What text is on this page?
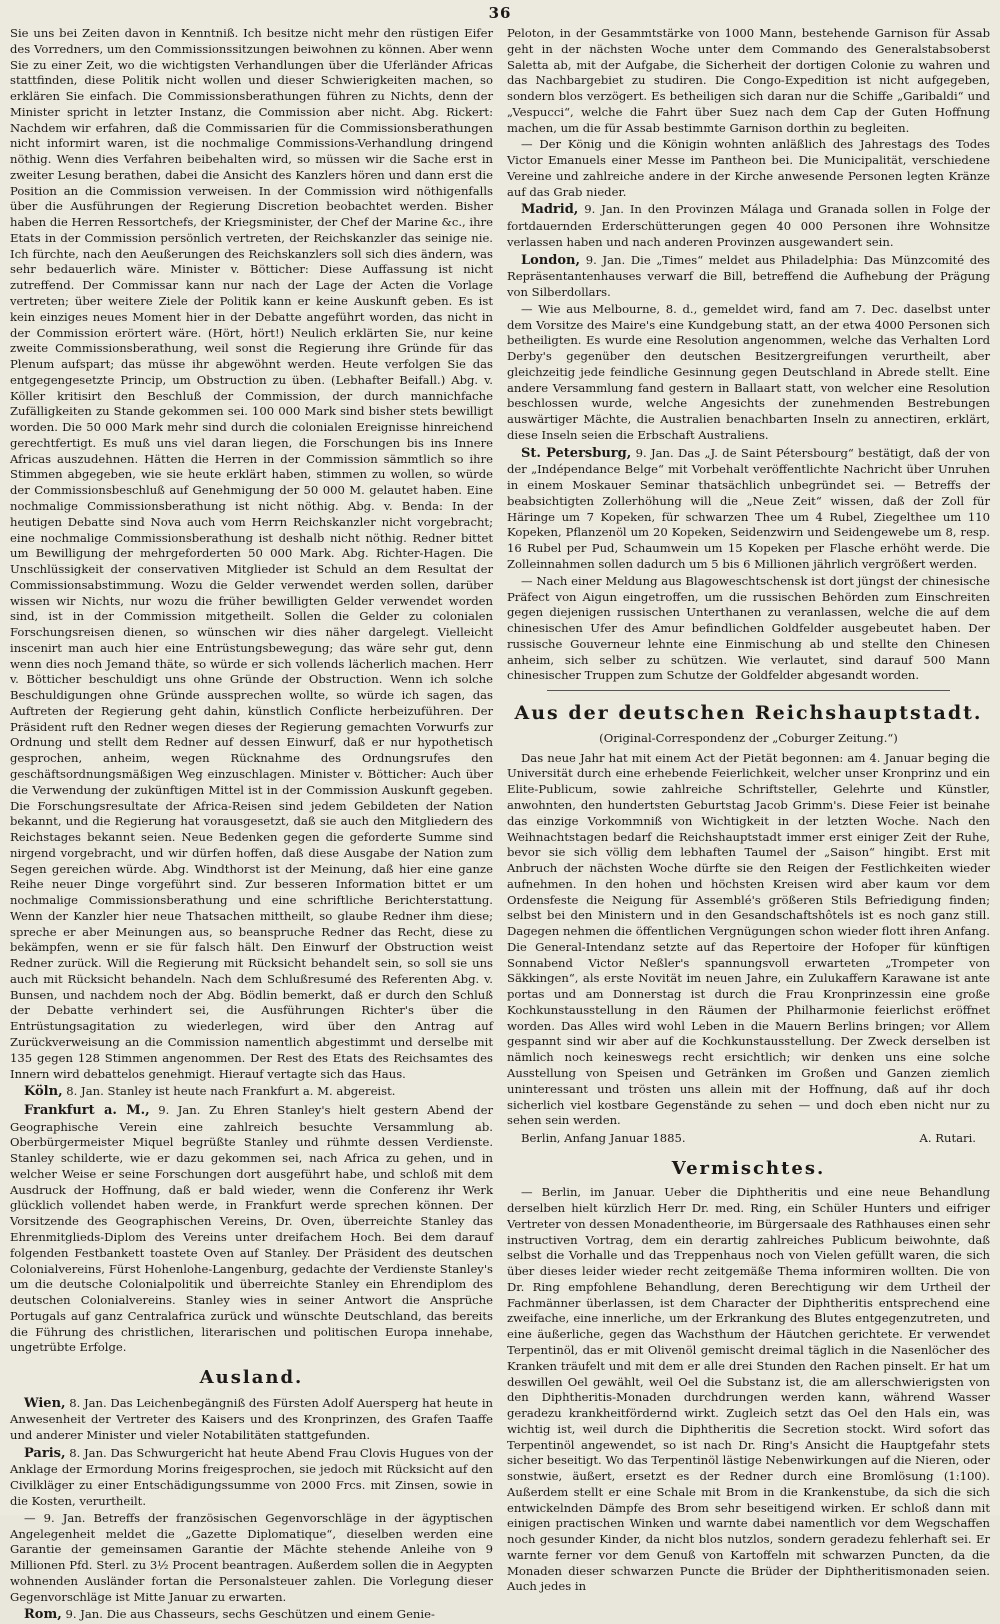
36

Sie uns bei Zeiten davon in Kenntniß. Ich besitze nicht mehr den rüstigen Eifer des Vorredners, um den Commissionssitzungen beiwohnen zu können. Aber wenn Sie zu einer Zeit, wo die wichtigsten Verhandlungen über die Uferländer Africas stattfinden, diese Politik nicht wollen und dieser Schwierigkeiten machen, so erklären Sie einfach. Die Commissionsberathungen führen zu Nichts, denn der Minister spricht in letzter Instanz, die Commission aber nicht. Abg. Rickert: Nachdem wir erfahren, daß die Commissarien für die Commissionsberathungen nicht informirt waren, ist die nochmalige Commissions-Verhandlung dringend nöthig. Wenn dies Verfahren beibehalten wird, so müssen wir die Sache erst in zweiter Lesung berathen, dabei die Ansicht des Kanzlers hören und dann erst die Position an die Commission verweisen. In der Commission wird nöthigenfalls über die Ausführungen der Regierung Discretion beobachtet werden. Bisher haben die Herren Ressortchefs, der Kriegsminister, der Chef der Marine &c., ihre Etats in der Commission persönlich vertreten, der Reichskanzler das seinige nie. Ich fürchte, nach den Aeußerungen des Reichskanzlers soll sich dies ändern, was sehr bedauerlich wäre. Minister v. Bötticher: Diese Auffassung ist nicht zutreffend. Der Commissar kann nur nach der Lage der Acten die Vorlage vertreten; über weitere Ziele der Politik kann er keine Auskunft geben. Es ist kein einziges neues Moment hier in der Debatte angeführt worden, das nicht in der Commission erörtert wäre. (Hört, hört!) Neulich erklärten Sie, nur keine zweite Commissionsberathung, weil sonst die Regierung ihre Gründe für das Plenum aufspart; das müsse ihr abgewöhnt werden. Heute verfolgen Sie das entgegengesetzte Princip, um Obstruction zu üben. (Lebhafter Beifall.) Abg. v. Köller kritisirt den Beschluß der Commission, der durch mannichfache Zufälligkeiten zu Stande gekommen sei. 100 000 Mark sind bisher stets bewilligt worden. Die 50 000 Mark mehr sind durch die colonialen Ereignisse hinreichend gerechtfertigt. Es muß uns viel daran liegen, die Forschungen bis ins Innere Africas auszudehnen. Hätten die Herren in der Commission sämmtlich so ihre Stimmen abgegeben, wie sie heute erklärt haben, stimmen zu wollen, so würde der Commissionsbeschluß auf Genehmigung der 50 000 M. gelautet haben. Eine nochmalige Commissionsberathung ist nicht nöthig. Abg. v. Benda: In der heutigen Debatte sind Nova auch vom Herrn Reichskanzler nicht vorgebracht; eine nochmalige Commissionsberathung ist deshalb nicht nöthig. Redner bittet um Bewilligung der mehrgeforderten 50 000 Mark. Abg. Richter-Hagen. Die Unschlüssigkeit der conservativen Mitglieder ist Schuld an dem Resultat der Commissionsabstimmung. Wozu die Gelder verwendet werden sollen, darüber wissen wir Nichts, nur wozu die früher bewilligten Gelder verwendet worden sind, ist in der Commission mitgetheilt. Sollen die Gelder zu colonialen Forschungsreisen dienen, so wünschen wir dies näher dargelegt. Vielleicht inscenirt man auch hier eine Entrüstungsbewegung; das wäre sehr gut, denn wenn dies noch Jemand thäte, so würde er sich vollends lächerlich machen. Herr v. Bötticher beschuldigt uns ohne Gründe der Obstruction. Wenn ich solche Beschuldigungen ohne Gründe aussprechen wollte, so würde ich sagen, das Auftreten der Regierung geht dahin, künstlich Conflicte herbeizuführen. Der Präsident ruft den Redner wegen dieses der Regierung gemachten Vorwurfs zur Ordnung und stellt dem Redner auf dessen Einwurf, daß er nur hypothetisch gesprochen, anheim, wegen Rücknahme des Ordnungsrufes den geschäftsordnungsmäßigen Weg einzuschlagen. Minister v. Bötticher: Auch über die Verwendung der zukünftigen Mittel ist in der Commission Auskunft gegeben. Die Forschungsresultate der Africa-Reisen sind jedem Gebildeten der Nation bekannt, und die Regierung hat vorausgesetzt, daß sie auch den Mitgliedern des Reichstages bekannt seien. Neue Bedenken gegen die geforderte Summe sind nirgend vorgebracht, und wir dürfen hoffen, daß diese Ausgabe der Nation zum Segen gereichen würde. Abg. Windthorst ist der Meinung, daß hier eine ganze Reihe neuer Dinge vorgeführt sind. Zur besseren Information bittet er um nochmalige Commissionsberathung und eine schriftliche Berichterstattung. Wenn der Kanzler hier neue Thatsachen mittheilt, so glaube Redner ihm diese; spreche er aber Meinungen aus, so beanspruche Redner das Recht, diese zu bekämpfen, wenn er sie für falsch hält. Den Einwurf der Obstruction weist Redner zurück. Will die Regierung mit Rücksicht behandelt sein, so soll sie uns auch mit Rücksicht behandeln. Nach dem Schlußresumé des Referenten Abg. v. Bunsen, und nachdem noch der Abg. Bödlin bemerkt, daß er durch den Schluß der Debatte verhindert sei, die Ausführungen Richter's über die Entrüstungsagitation zu wiederlegen, wird über den Antrag auf Zurückverweisung an die Commission namentlich abgestimmt und derselbe mit 135 gegen 128 Stimmen angenommen. Der Rest des Etats des Reichsamtes des Innern wird debattelos genehmigt. Hierauf vertagte sich das Haus.

Köln, 8. Jan. Stanley ist heute nach Frankfurt a. M. abgereist.

Frankfurt a. M., 9. Jan. Zu Ehren Stanley's hielt gestern Abend der Geographische Verein eine zahlreich besuchte Versammlung ab. Oberbürgermeister Miquel begrüßte Stanley und rühmte dessen Verdienste. Stanley schilderte, wie er dazu gekommen sei, nach Africa zu gehen, und in welcher Weise er seine Forschungen dort ausgeführt habe, und schloß mit dem Ausdruck der Hoffnung, daß er bald wieder, wenn die Conferenz ihr Werk glücklich vollendet haben werde, in Frankfurt werde sprechen können. Der Vorsitzende des Geographischen Vereins, Dr. Oven, überreichte Stanley das Ehrenmitglieds-Diplom des Vereins unter dreifachem Hoch. Bei dem darauf folgenden Festbankett toastete Oven auf Stanley. Der Präsident des deutschen Colonialvereins, Fürst Hohenlohe-Langenburg, gedachte der Verdienste Stanley's um die deutsche Colonialpolitik und überreichte Stanley ein Ehrendiplom des deutschen Colonialvereins. Stanley wies in seiner Antwort die Ansprüche Portugals auf ganz Centralafrica zurück und wünschte Deutschland, das bereits die Führung des christlichen, literarischen und politischen Europa innehabe, ungetrübte Erfolge.

Ausland.

Wien, 8. Jan. Das Leichenbegängniß des Fürsten Adolf Auersperg hat heute in Anwesenheit der Vertreter des Kaisers und des Kronprinzen, des Grafen Taaffe und anderer Minister und vieler Notabilitäten stattgefunden.

Paris, 8. Jan. Das Schwurgericht hat heute Abend Frau Clovis Hugues von der Anklage der Ermordung Morins freigesprochen, sie jedoch mit Rücksicht auf den Civilkläger zu einer Entschädigungssumme von 2000 Frcs. mit Zinsen, sowie in die Kosten, verurtheilt.

— 9. Jan. Betreffs der französischen Gegenvorschläge in der ägyptischen Angelegenheit meldet die „Gazette Diplomatique“, dieselben werden eine Garantie der gemeinsamen Garantie der Mächte stehende Anleihe von 9 Millionen Pfd. Sterl. zu 3½ Procent beantragen. Außerdem sollen die in Aegypten wohnenden Ausländer fortan die Personalsteuer zahlen. Die Vorlegung dieser Gegenvorschläge ist Mitte Januar zu erwarten.

Rom, 9. Jan. Die aus Chasseurs, sechs Geschützen und einem Genie-

Peloton, in der Gesammtstärke von 1000 Mann, bestehende Garnison für Assab geht in der nächsten Woche unter dem Commando des Generalstabsoberst Saletta ab, mit der Aufgabe, die Sicherheit der dortigen Colonie zu wahren und das Nachbargebiet zu studiren. Die Congo-Expedition ist nicht aufgegeben, sondern blos verzögert. Es betheiligen sich daran nur die Schiffe „Garibaldi“ und „Vespucci“, welche die Fahrt über Suez nach dem Cap der Guten Hoffnung machen, um die für Assab bestimmte Garnison dorthin zu begleiten.

— Der König und die Königin wohnten anläßlich des Jahrestags des Todes Victor Emanuels einer Messe im Pantheon bei. Die Municipalität, verschiedene Vereine und zahlreiche andere in der Kirche anwesende Personen legten Kränze auf das Grab nieder.

Madrid, 9. Jan. In den Provinzen Málaga und Granada sollen in Folge der fortdauernden Erderschütterungen gegen 40 000 Personen ihre Wohnsitze verlassen haben und nach anderen Provinzen ausgewandert sein.

London, 9. Jan. Die „Times“ meldet aus Philadelphia: Das Münzcomité des Repräsentantenhauses verwarf die Bill, betreffend die Aufhebung der Prägung von Silberdollars.

— Wie aus Melbourne, 8. d., gemeldet wird, fand am 7. Dec. daselbst unter dem Vorsitze des Maire's eine Kundgebung statt, an der etwa 4000 Personen sich betheiligten. Es wurde eine Resolution angenommen, welche das Verhalten Lord Derby's gegenüber den deutschen Besitzergreifungen verurtheilt, aber gleichzeitig jede feindliche Gesinnung gegen Deutschland in Abrede stellt. Eine andere Versammlung fand gestern in Ballaart statt, von welcher eine Resolution beschlossen wurde, welche Angesichts der zunehmenden Bestrebungen auswärtiger Mächte, die Australien benachbarten Inseln zu annectiren, erklärt, diese Inseln seien die Erbschaft Australiens.

St. Petersburg, 9. Jan. Das „J. de Saint Pétersbourg“ bestätigt, daß der von der „Indépendance Belge“ mit Vorbehalt veröffentlichte Nachricht über Unruhen in einem Moskauer Seminar thatsächlich unbegründet sei. — Betreffs der beabsichtigten Zollerhöhung will die „Neue Zeit“ wissen, daß der Zoll für Häringe um 7 Kopeken, für schwarzen Thee um 4 Rubel, Ziegelthee um 110 Kopeken, Pflanzenöl um 20 Kopeken, Seidenzwirn und Seidengewebe um 8, resp. 16 Rubel per Pud, Schaumwein um 15 Kopeken per Flasche erhöht werde. Die Zolleinnahmen sollen dadurch um 5 bis 6 Millionen jährlich vergrößert werden.

— Nach einer Meldung aus Blagoweschtschensk ist dort jüngst der chinesische Präfect von Aigun eingetroffen, um die russischen Behörden zum Einschreiten gegen diejenigen russischen Unterthanen zu veranlassen, welche die auf dem chinesischen Ufer des Amur befindlichen Goldfelder ausgebeutet haben. Der russische Gouverneur lehnte eine Einmischung ab und stellte den Chinesen anheim, sich selber zu schützen. Wie verlautet, sind darauf 500 Mann chinesischer Truppen zum Schutze der Goldfelder abgesandt worden.

Aus der deutschen Reichshauptstadt.
(Original-Correspondenz der „Coburger Zeitung.“)

Das neue Jahr hat mit einem Act der Pietät begonnen: am 4. Januar beging die Universität durch eine erhebende Feierlichkeit, welcher unser Kronprinz und ein Elite-Publicum, sowie zahlreiche Schriftsteller, Gelehrte und Künstler, anwohnten, den hundertsten Geburtstag Jacob Grimm's. Diese Feier ist beinahe das einzige Vorkommniß von Wichtigkeit in der letzten Woche. Nach den Weihnachtstagen bedarf die Reichshauptstadt immer erst einiger Zeit der Ruhe, bevor sie sich völlig dem lebhaften Taumel der „Saison“ hingibt. Erst mit Anbruch der nächsten Woche dürfte sie den Reigen der Festlichkeiten wieder aufnehmen. In den hohen und höchsten Kreisen wird aber kaum vor dem Ordensfeste die Neigung für Assemblé's größeren Stils Befriedigung finden; selbst bei den Ministern und in den Gesandschaftshôtels ist es noch ganz still. Dagegen nehmen die öffentlichen Vergnügungen schon wieder flott ihren Anfang. Die General-Intendanz setzte auf das Repertoire der Hofoper für künftigen Sonnabend Victor Neßler's spannungsvoll erwarteten „Trompeter von Säkkingen“, als erste Novität im neuen Jahre, ein Zulukaffern Karawane ist ante portas und am Donnerstag ist durch die Frau Kronprinzessin eine große Kochkunstausstellung in den Räumen der Philharmonie feierlichst eröffnet worden. Das Alles wird wohl Leben in die Mauern Berlins bringen; vor Allem gespannt sind wir aber auf die Kochkunstausstellung. Der Zweck derselben ist nämlich noch keineswegs recht ersichtlich; wir denken uns eine solche Ausstellung von Speisen und Getränken im Großen und Ganzen ziemlich uninteressant und trösten uns allein mit der Hoffnung, daß auf ihr doch sicherlich viel kostbare Gegenstände zu sehen — und doch eben nicht nur zu sehen sein werden.

Berlin, Anfang Januar 1885.	A. Rutari.
Vermischtes.

— Berlin, im Januar. Ueber die Diphtheritis und eine neue Behandlung derselben hielt kürzlich Herr Dr. med. Ring, ein Schüler Hunters und eifriger Vertreter von dessen Monadentheorie, im Bürgersaale des Rathhauses einen sehr instructiven Vortrag, dem ein derartig zahlreiches Publicum beiwohnte, daß selbst die Vorhalle und das Treppenhaus noch von Vielen gefüllt waren, die sich über dieses leider wieder recht zeitgemäße Thema informiren wollten. Die von Dr. Ring empfohlene Behandlung, deren Berechtigung wir dem Urtheil der Fachmänner überlassen, ist dem Character der Diphtheritis entsprechend eine zweifache, eine innerliche, um der Erkrankung des Blutes entgegenzutreten, und eine äußerliche, gegen das Wachsthum der Häutchen gerichtete. Er verwendet Terpentinöl, das er mit Olivenöl gemischt dreimal täglich in die Nasenlöcher des Kranken träufelt und mit dem er alle drei Stunden den Rachen pinselt. Er hat um deswillen Oel gewählt, weil Oel die Substanz ist, die am allerschwierigsten von den Diphtheritis-Monaden durchdrungen werden kann, während Wasser geradezu krankheitfördernd wirkt. Zugleich setzt das Oel den Hals ein, was wichtig ist, weil durch die Diphtheritis die Secretion stockt. Wird sofort das Terpentinöl angewendet, so ist nach Dr. Ring's Ansicht die Hauptgefahr stets sicher beseitigt. Wo das Terpentinöl lästige Nebenwirkungen auf die Nieren, oder sonstwie, äußert, ersetzt es der Redner durch eine Bromlösung (1:100). Außerdem stellt er eine Schale mit Brom in die Krankenstube, da sich die sich entwickelnden Dämpfe des Brom sehr beseitigend wirken. Er schloß dann mit einigen practischen Winken und warnte dabei namentlich vor dem Wegschaffen noch gesunder Kinder, da nicht blos nutzlos, sondern geradezu fehlerhaft sei. Er warnte ferner vor dem Genuß von Kartoffeln mit schwarzen Puncten, da die Monaden dieser schwarzen Puncte die Brüder der Diphtheritismonaden seien. Auch jedes in
